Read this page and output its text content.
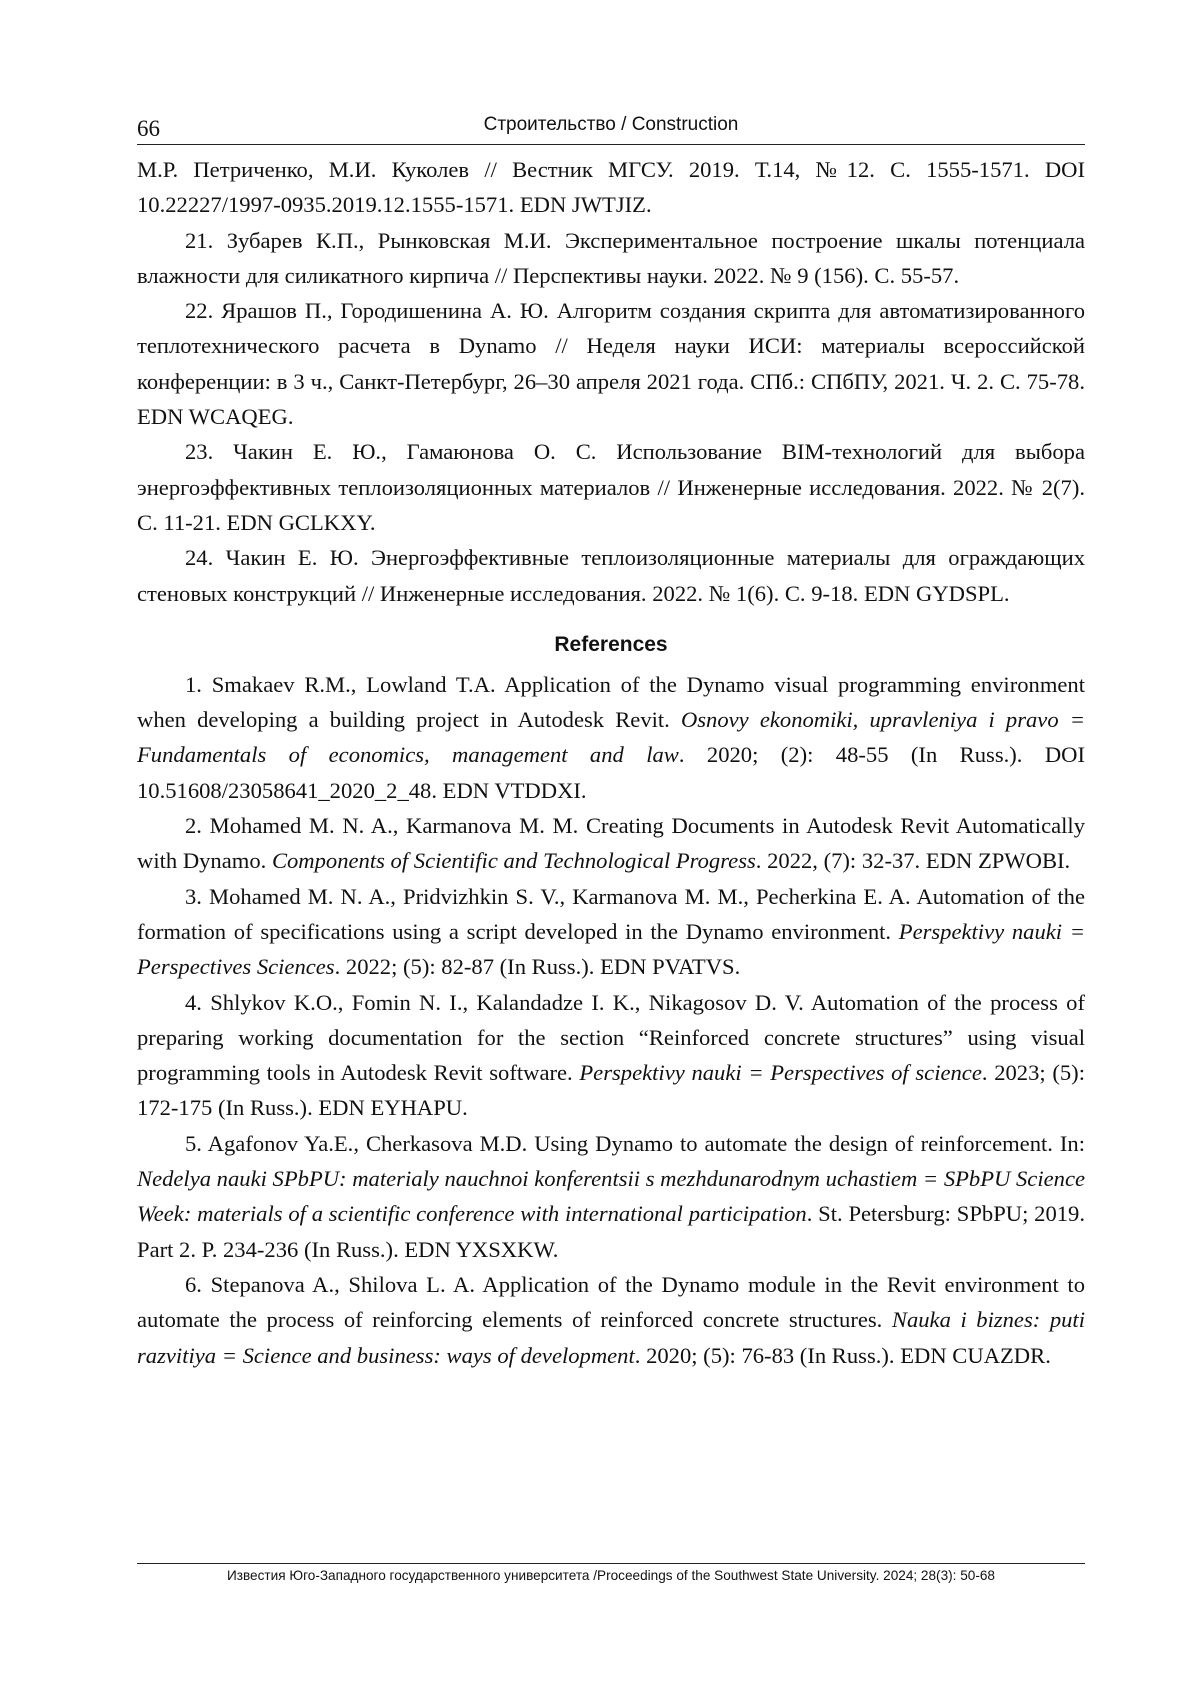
66	Строительство / Construction

М.Р. Петриченко, М.И. Куколев // Вестник МГСУ. 2019. Т.14, №12. С. 1555-1571. DOI 10.22227/1997-0935.2019.12.1555-1571. EDN JWTJIZ.

21. Зубарев К.П., Рынковская М.И. Экспериментальное построение шкалы потенциала влажности для силикатного кирпича // Перспективы науки. 2022. № 9 (156). С. 55-57.

22. Ярашов П., Городишенина А. Ю. Алгоритм создания скрипта для автоматизированного теплотехнического расчета в Dynamo // Неделя науки ИСИ: материалы всероссийской конференции: в 3 ч., Санкт-Петербург, 26–30 апреля 2021 года. СПб.: СПбПУ, 2021. Ч. 2. С. 75-78. EDN WCAQEG.

23. Чакин Е. Ю., Гамаюнова О. С. Использование BIM-технологий для выбора энергоэффективных теплоизоляционных материалов // Инженерные исследования. 2022. № 2(7). С. 11-21. EDN GCLKXY.

24. Чакин Е. Ю. Энергоэффективные теплоизоляционные материалы для ограждающих стеновых конструкций // Инженерные исследования. 2022. № 1(6). С. 9-18. EDN GYDSPL.

References

1. Smakaev R.M., Lowland T.A. Application of the Dynamo visual programming environment when developing a building project in Autodesk Revit. Osnovy ekonomiki, upravleniya i pravo = Fundamentals of economics, management and law. 2020; (2): 48-55 (In Russ.). DOI 10.51608/23058641_2020_2_48. EDN VTDDXI.

2. Mohamed M. N. A., Karmanova M. M. Creating Documents in Autodesk Revit Automatically with Dynamo. Components of Scientific and Technological Progress. 2022, (7): 32-37. EDN ZPWOBI.

3. Mohamed M. N. A., Pridvizhkin S. V., Karmanova M. M., Pecherkina E. A. Automation of the formation of specifications using a script developed in the Dynamo environment. Perspektivy nauki = Perspectives Sciences. 2022; (5): 82-87 (In Russ.). EDN PVATVS.

4. Shlykov K.O., Fomin N. I., Kalandadze I. K., Nikagosov D. V. Automation of the process of preparing working documentation for the section “Reinforced concrete structures” using visual programming tools in Autodesk Revit software. Perspektivy nauki = Perspectives of science. 2023; (5): 172-175 (In Russ.). EDN EYHAPU.

5. Agafonov Ya.E., Cherkasova M.D. Using Dynamo to automate the design of reinforcement. In: Nedelya nauki SPbPU: materialy nauchnoi konferentsii s mezhdunarodnym uchastiem = SPbPU Science Week: materials of a scientific conference with international participation. St. Petersburg: SPbPU; 2019. Part 2. P. 234-236 (In Russ.). EDN YXSXKW.

6. Stepanova A., Shilova L. A. Application of the Dynamo module in the Revit environment to automate the process of reinforcing elements of reinforced concrete structures. Nauka i biznes: puti razvitiya = Science and business: ways of development. 2020; (5): 76-83 (In Russ.). EDN CUAZDR.

Известия Юго-Западного государственного университета /Proceedings of the Southwest State University. 2024; 28(3): 50-68
